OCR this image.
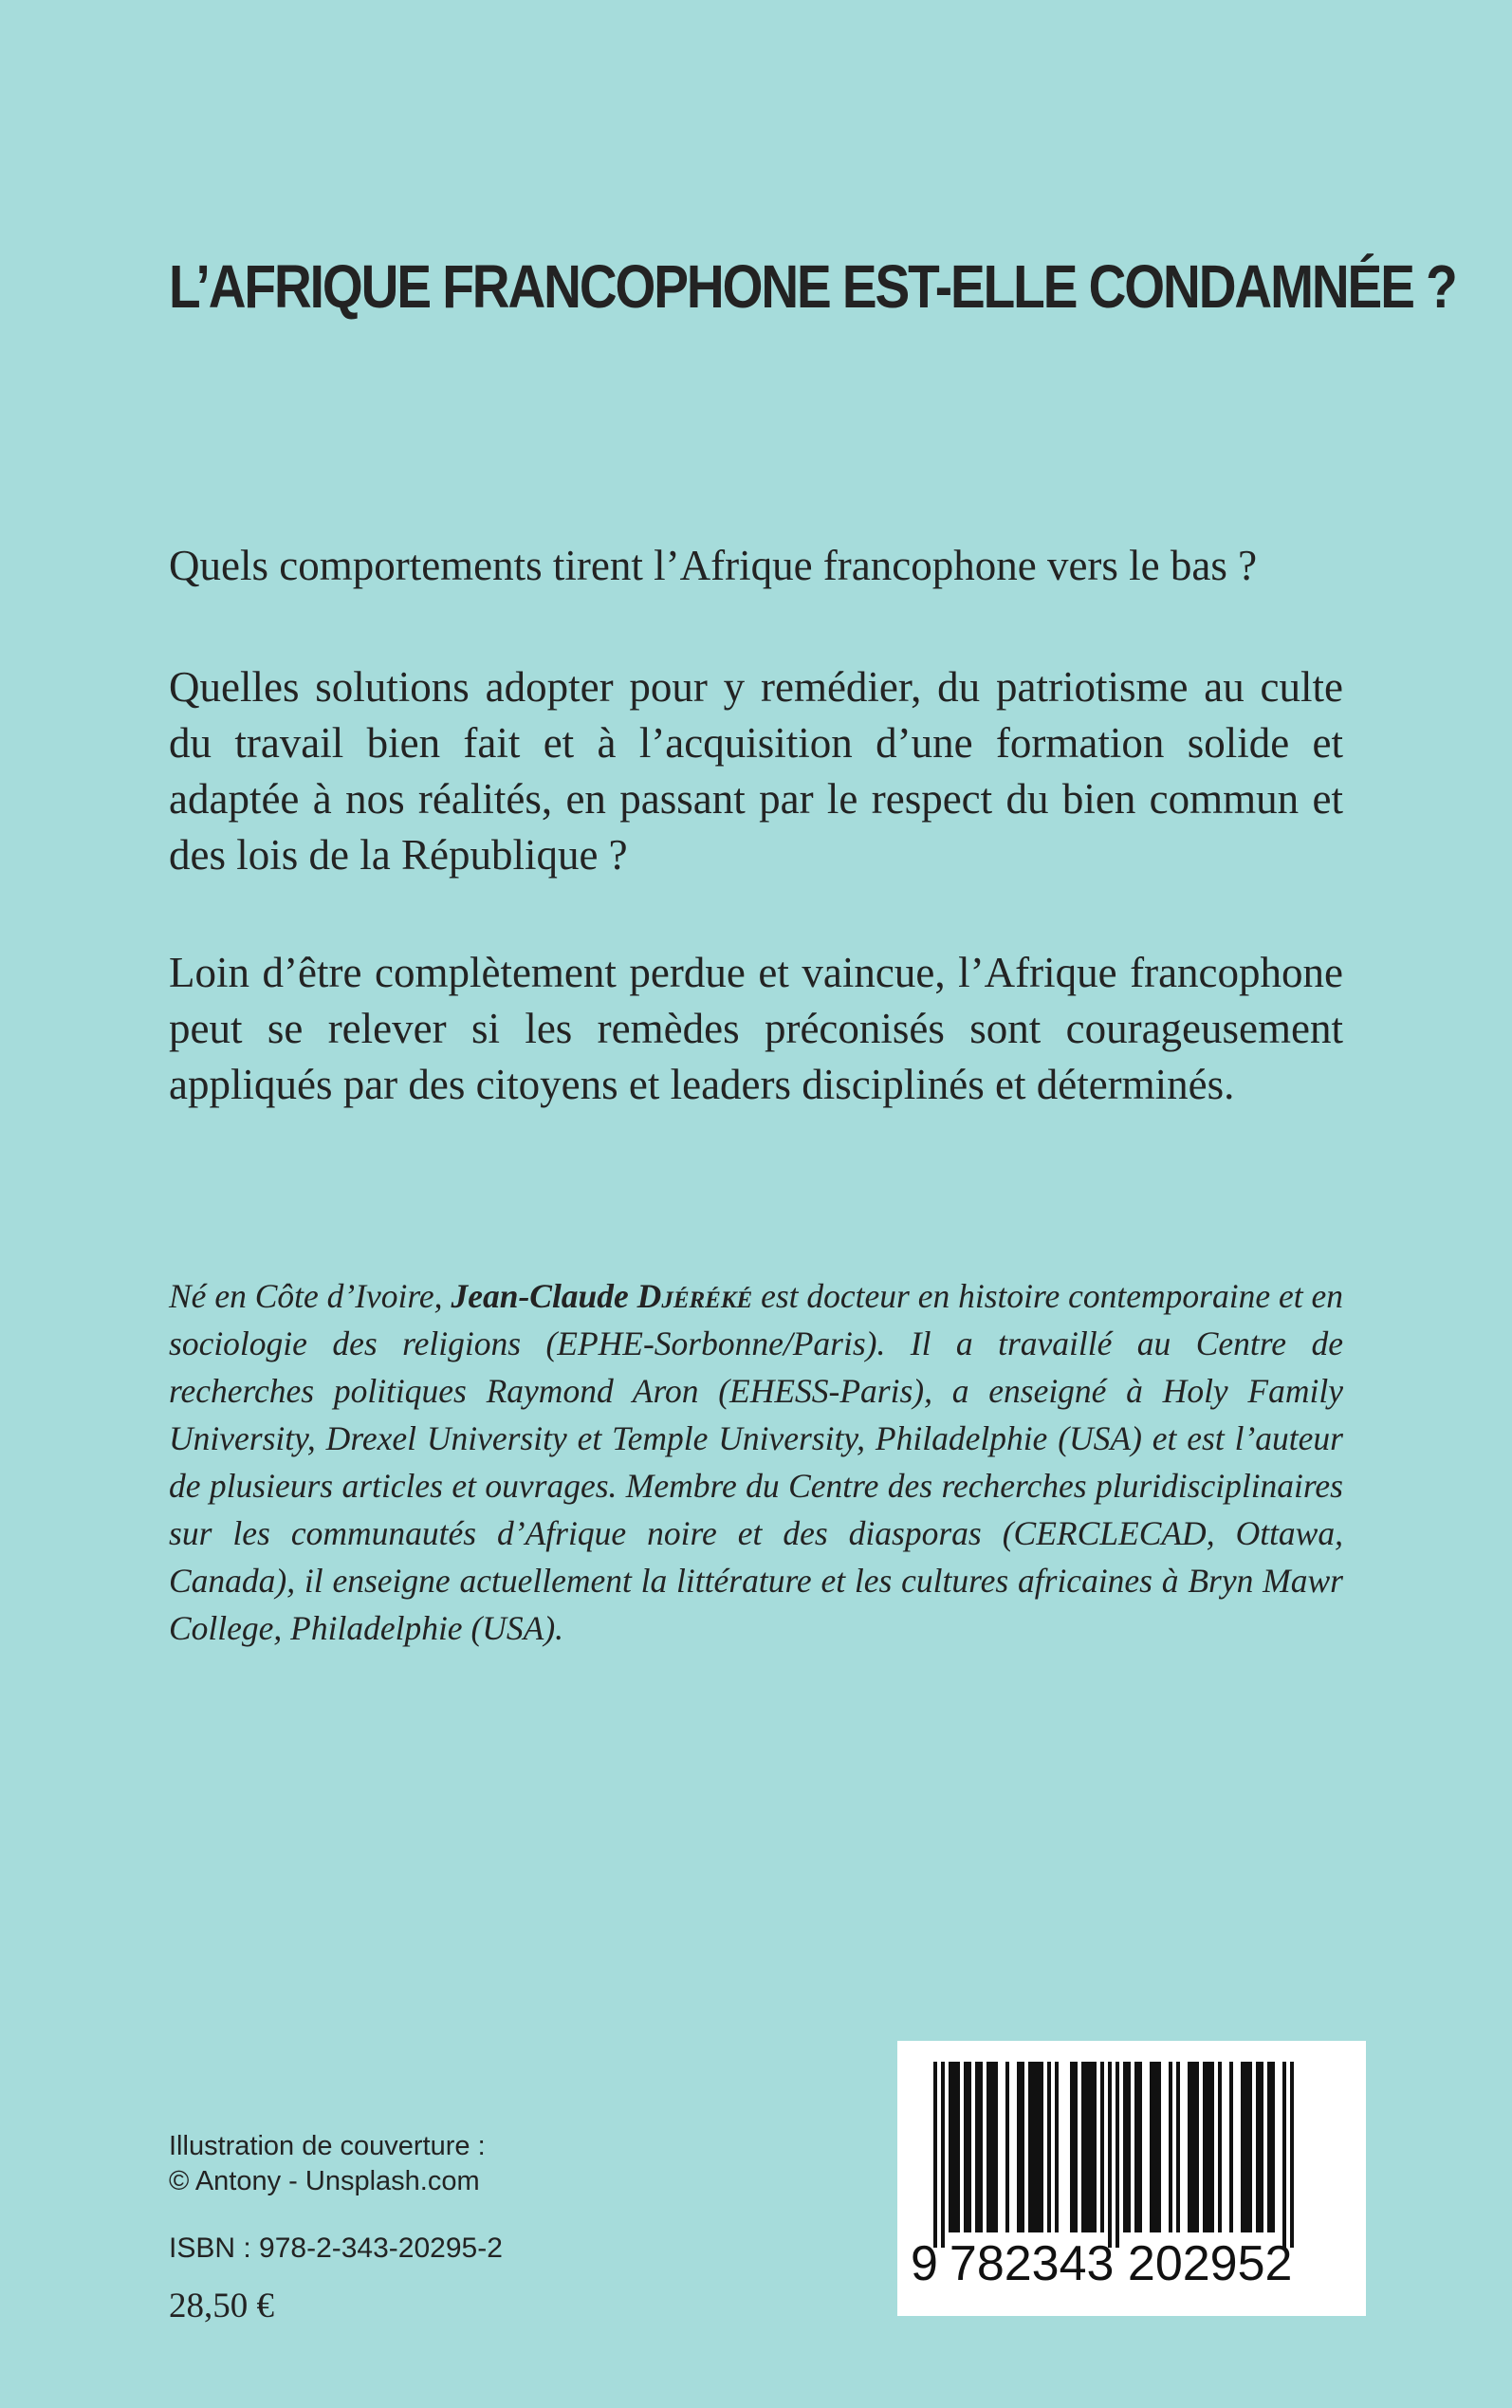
L’AFRIQUE FRANCOPHONE EST-ELLE CONDAMNÉE ?

Quels comportements tirent l’Afrique francophone vers le bas ?

Quelles solutions adopter pour y remédier, du patriotisme au culte du travail bien fait et à l’acquisition d’une formation solide et adaptée à nos réalités, en passant par le respect du bien commun et des lois de la République ?

Loin d’être complètement perdue et vaincue, l’Afrique francophone peut se relever si les remèdes préconisés sont courageusement appliqués par des citoyens et leaders disciplinés et déterminés.

Né en Côte d’Ivoire, Jean-Claude Djéréké est docteur en histoire contemporaine et en sociologie des religions (EPHE-Sorbonne/Paris). Il a travaillé au Centre de recherches politiques Raymond Aron (EHESS-Paris), a enseigné à Holy Family University, Drexel University et Temple University, Philadelphie (USA) et est l’auteur de plusieurs articles et ouvrages. Membre du Centre des recherches pluridisciplinaires sur les communautés d’Afrique noire et des diasporas (CERCLECAD, Ottawa, Canada), il enseigne actuellement la littérature et les cultures africaines à Bryn Mawr College, Philadelphie (USA).

Illustration de couverture :
© Antony - Unsplash.com
ISBN : 978-2-343-20295-2
28,50 €
9 782343 202952
